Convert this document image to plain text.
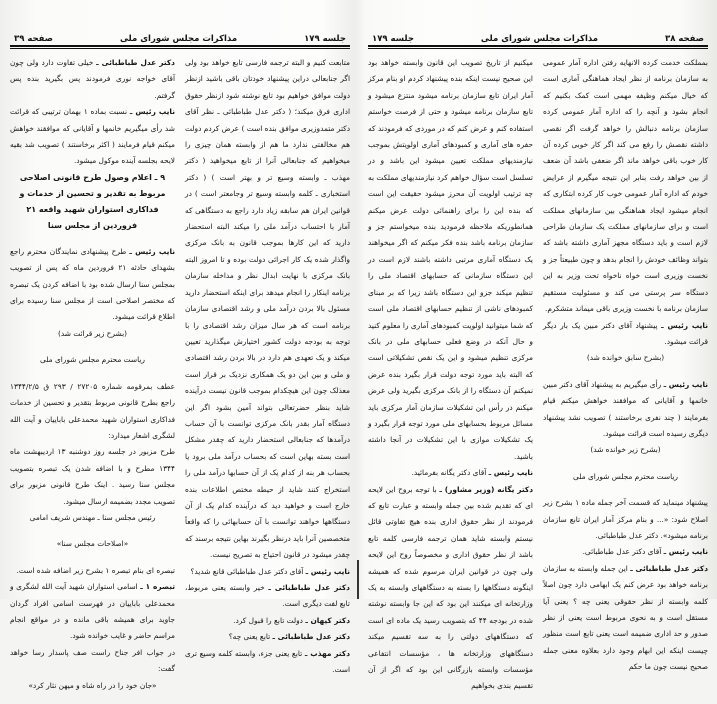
جلسه ۱۷۹
مذاکرات مجلس شورای ملی
صفحه ۳۹

متابعت کنیم و البته ترجمه فارسی تابع خواهد بود ولی اگر جنابعالی دراین پیشنهاد خودتان باقی باشید ازنظر دولت موافق خواهیم بود تابع نوشته شود ازنظر حقوق اداری فرق میکند؛ ( دکتر عدل طباطبائی ـ نظر آقای دکتر متمدوزیری موافق بنده است ) عرض کردم دولت هم مخالفتی ندارد ما هم از وابسته همان چیزی را میخواهیم که جنابعالی آنرا از تابع میخواهید ( دکتر مهذب ـ وابسته وسیع تر و بهتر است ) ( دکتر استخباری ـ کلمه وابسته وسیع تر وجامعتر است ) در قوانین ایران هم سابقه زیاد دارد راجع به دستگاهی که آمار با احتساب درآمد ملی را میکند البته استحضار دارید که این کارها بموجب قانون به بانک مرکزی واگذار شده یک کار اجرائی دولت بوده و تا امروز البته بانک مرکزی با نهایت ابدال نظر و مداخله سازمان برنامه اینکار را انجام میدهد برای اینکه استحضار دارید مسئول بالا بردن درآمد ملی و رشد اقتصادی سازمان برنامه است که هر سال میزان رشد اقتصادی را با توجه به بودجه دولت کشور اختیارش میگذارید تعیین میکند و یک تعهدی هم دارد در بالا بردن رشد اقتصادی و ملی و بین این دو یک همکاری نزدیک بر قرار است معذلک چون این هیچکدام بموجب قانون نیست درآینده شاید بنظر حضرتعالی بتواند آمین بشود اگر این دستگاه آمار بقدر بانک مرکزی توانست با آن حساب درآمدها که جنابعالی استحضار دارید که چقدر مشکل است بسته بهاین است که بحساب درآمد ملی برود یا بحساب هر بنه از کدام یک از آن حسابها درآمد ملی را استخراج کنند شاید از حیطه مختص اطلاعات بنده خارج است و خواهید دید که درآینده کدام یک از آن دستگاهها خواهند توانست با آن حسابهائی را که واقعاً متخصصین آنرا باید درنظر بگیرند بهاین نتیجه برسند که چقدر میشود در قانون احتیاج به تصریح نیست.

نایب رئیس ـ آقای دکتر عدل طباطبائی قانع شدید؟

دکتر عدل طباطبائی ـ خیر وابسته یعنی مربوط، تابع لفت دیگری است.

دکتر کیهان ـ دولت تابع را قبول کرد.

دکتر عدل طباطبائی ـ تابع یعنی چه؟

دکتر مهذب ـ تابع یعنی جزء، وابسته کلمه وسیع تری است.

دکتر عدل طباطبائی ـ خیلی تفاوت دارد ولی چون آقای خواجه نوری فرمودند پس بگیرید بنده پس گرفتم.

نایب رئیس ـ نسبت بماده ۱ بهمان ترتیبی که قرائت شد رأی میگیریم خانمها و آقایانی که موافقند خواهش میکنم قیام فرمایند ( اکثر برخاستند ) تصویب شد بقیه لایحه بجلسه آینده موکول میشود.

۹ ـ اعلام وصول طرح قانونی اصلاحی مربوط به تقدیر و تحسین از خدمات و فداکاری استواران شهید واقعه ۲۱ فروردین از مجلس سنا

نایب رئیس ـ طرح پیشنهادی نمایندگان محترم راجع بشهدای حادثه ۲۱ فروردین ماه که پس از تصویب بمجلس سنا ارسال شده بود با اضافه کردن یک تبصره که مختصر اصلاحی است از مجلس سنا رسیده برای اطلاع قرائت میشود.

(بشرح زیر قرائت شد)

ریاست محترم مجلس شورای ملی

عطف بمرقومه شماره ۲۷۲۰۵ / ۲۹۳ ق ۱۳۴۴/۲/۵ راجع بطرح قانونی مربوط بتقدیر و تحسین از خدمات فداکاری استواران شهید محمدعلی باباییان و آیت الله لشگری اشعار میدارد:

طرح مزبور در جلسه روز دوشنبه ۱۳ اردیبهشت ماه ۱۳۴۴ مطرح و با اضافه شدن یک تبصره بتصویب مجلس سنا رسید . اینک طرح قانونی مزبور برای تصویب مجدد بضمیمه ارسال میشود.

رئیس مجلس سنا ـ مهندس شریف امامی

«اصلاحات مجلس سنا»

تبصره ای بنام تبصره ۱ بشرح زیر اضافه شده است.

تبصره ۱ ـ اسامی استواران شهید آیت الله لشگری و محمدعلی باباییان در فهرست اسامی افراد گردان جاوید برای همیشه باقی مانده و در مواقع انجام مراسم حاضر و غایب خوانده شود.

در جواب افر جناح راست صف پاسدار رسا خواهد گفت:

«جان خود را در راه شاه و میهن نثار کرد»

صفحه ۳۸
مذاکرات مجلس شورای ملی
جلسه ۱۷۹

بمملکت خدمت کرده الانهایه رفتن اداره آمار عمومی به سازمان برنامه از نظر ایجاد هماهنگی آماری است که خیال میکنم وظیفه مهمی است کمک بکنیم که انجام بشود و آنچه را که اداره آمار عمومی کرده سازمان برنامه دنبالش را خواهد گرفت اگر نقصی داشته نقصش را رفع می کند اگر کار خوبی کرده آن کار خوب باقی خواهد ماند اگر ضعفی باشد آن ضعف از بین خواهد رفت بنابر این نتیجه میگیرم از عرایض خودم که اداره آمار عمومی خوب کار کرده ابتکاری که انجام میشود ایجاد هماهنگی بین سازمانهای مملکت است و برای سازمانهای مملکت یک سازمان طراحی لازم است و باید دستگاه مجهز آماری داشته باشد که بتواند وظائف خودش را انجام بدهد و چون طبیعتاً جز و نخست وزیری است خواه ناخواه تحت وزیر به این دستگاه سر پرستی می کند و مسئولیت مستقیم سازمان برنامه با نخست وزیری باقی میماند متشکرم.

نایب رئیس ـ پیشنهاد آقای دکتر مبین یک بار دیگر قرائت میشود.

(بشرح سابق خوانده شد)

نایب رئیس ـ رأی میگیریم به پیشنهاد آقای دکتر مبین خانمها و آقایانی که موافقند خواهش میکنم قیام بفرمایند ( چند نفری برخاستند ) تصویب نشد پیشنهاد دیگری رسیده است قرائت میشود.

(بشرح زیر خوانده شد)

ریاست محترم مجلس شورای ملی

پیشنهاد مینماید که قسمت آخر جمله ماده ۱ بشرح زیر اصلاح شود: «... و بنام مرکز آمار ایران تابع سازمان برنامه میشود». دکتر عدل طباطبائی.

نایب رئیس ـ آقای دکتر عدل طباطبائی.

دکتر عدل طباطبائی ـ این جمله وابسته به سازمان برنامه خواهد بود عرض کنم یک ابهامی دارد چون اصلاً کلمه وابسته از نظر حقوقی یعنی چه ؟ یعنی آیا مستقل است و به نحوی مربوط است یعنی از نظر صدور و حد اداری ضمیمه است یعنی تابع است منظور چیست اینکه این ابهام وجود دارد بعلاوه معنی جمله صحیح نیست چون ما حکم

میکنیم از تاریخ تصویب این قانون وابسته خواهد بود این صحیح نیست اینکه بنده پیشنهاد کردم او بنام مرکز آمار ایران تابع سازمان برنامه میشود منتزع میشود و تابع سازمان برنامه میشود و حتی از فرصت خواستم استفاده کنم و عرض کنم که در موردی که فرمودند که حفره های آماری و کمبودهای آماری اولویتش بموجب نیازمندیهای مملکت تعیین میشود این باشد و در تسلسل است سؤال خواهم کرد نیازمندیهای مملکت به چه ترتیب اولویت آن محرز میشود حقیقت این است که بنده این را برای راهنمائی دولت عرض میکنم همانطوریکه ملاحظه فرمودید بنده میخواستم جز و سازمان برنامه باشد بنده فکر میکنم که اگر میخواهند یک دستگاه آماری مرتبی داشته باشند لازم است در این دستگاه سازمانی که حسابهای اقتصاد ملی را تنظیم میکند جزو این دستگاه باشد زیرا که بر مبنای کمبودهای ناشی از تنظیم حسابهای اقتصاد ملی است که شما میتوانید اولویت کمبودهای آماری را معلوم کنید و حال آنکه در وضع فعلی حسابهای ملی در بانک مرکزی تنظیم میشود و این یک نقص تشکیلاتی است که البته باید مورد توجه دولت قرار بگیرد بنده عرض نمیکنم آن دستگاه را از بانک مرکزی بگیرید ولی عرض میکنم در رأس این تشکیلات سازمان آمار مرکزی باید مسائل مربوط بحسابهای ملی مورد توجه قرار بگیرد و یک تشکیلات موازی با این تشکیلات در آنجا داشته باشید.

نایب رئیس ـ آقای دکتر یگانه بفرمائید.

دکتر یگانه (وزیر مشاور) ـ با توجه بروح این لایحه ای که تقدیم شده بین جمله وابسته و عبارت تابع که فرمودند از نظر حقوق اداری بنده هیچ تفاوتی قائل نیستم وابسته شاید همان ترجمه فارسی کلمه تابع باشد از نظر حقوق اداری و مخصوصاً روح این لایحه ولی چون در قوانین ایران مرسوم شده که همیشه اینگونه دستگاهها را بسته به دستگاههای وابسته به یک وزارتخانه ای میکنند این بود که این جا وابسته نوشته شده در بودجه ۴۴ که بتصویب رسید یک ماده ای است که دستگاههای دولتی را به سه تقسیم میکند دستگاههای وزارتخانه ها ، مؤسسات انتفاعی مؤسسات وابسته بازرگانی این بود که اگر از آن تقسیم بندی بخواهیم
